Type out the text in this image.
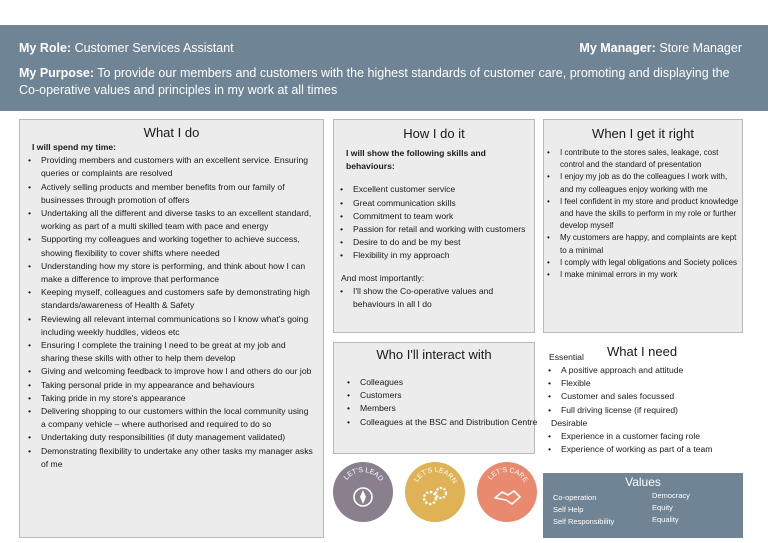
My Role: Customer Services Assistant	My Manager: Store Manager
My Purpose: To provide our members and customers with the highest standards of customer care, promoting and displaying the Co-operative values and principles in my work at all times
What I do
I will spend my time:
• Providing members and customers with an excellent service. Ensuring queries or complaints are resolved
• Actively selling products and member benefits from our family of businesses through promotion of offers
• Undertaking all the different and diverse tasks to an excellent standard, working as part of a multi skilled team with pace and energy
• Supporting my colleagues and working together to achieve success, showing flexibility to cover shifts where needed
• Understanding how my store is performing, and think about how I can make a difference to improve that performance
• Keeping myself, colleagues and customers safe by demonstrating high standards/awareness of Health & Safety
• Reviewing all relevant internal communications so I know what's going including weekly huddles, videos etc
• Ensuring I complete the training I need to be great at my job and sharing these skills with other to help them develop
• Giving and welcoming feedback to improve how I and others do our job
• Taking personal pride in my appearance and behaviours
• Taking pride in my store's appearance
• Delivering shopping to our customers within the local community using a company vehicle – where authorised and required to do so
• Undertaking duty responsibilities (if duty management validated)
• Demonstrating flexibility to undertake any other tasks my manager asks of me
How I do it
I will show the following skills and behaviours:
• Excellent customer service
• Great communication skills
• Commitment to team work
• Passion for retail and working with customers
• Desire to do and be my best
• Flexibility in my approach
And most importantly:
• I'll show the Co-operative values and behaviours in all I do
When I get it right
• I contribute to the stores sales, leakage, cost control and the standard of presentation
• I enjoy my job as do the colleagues I work with, and my colleagues enjoy working with me
• I feel confident in my store and product knowledge and have the skills to perform in my role or further develop myself
• My customers are happy, and complaints are kept to a minimal
• I comply with legal obligations and Society polices
• I make minimal errors in my work
Who I'll interact with
• Colleagues
• Customers
• Members
• Colleagues at the BSC and Distribution Centre
Essential What I need
• A positive approach and attitude
• Flexible
• Customer and sales focussed
• Full driving license (if required)
Desirable
• Experience in a customer facing role
• Experience of working as part of a team
Values
Co-operation
Self Help
Self Responsibility
Democracy
Equity
Equality
LET'S LEAD	LET'S LEARN	LET'S CARE
